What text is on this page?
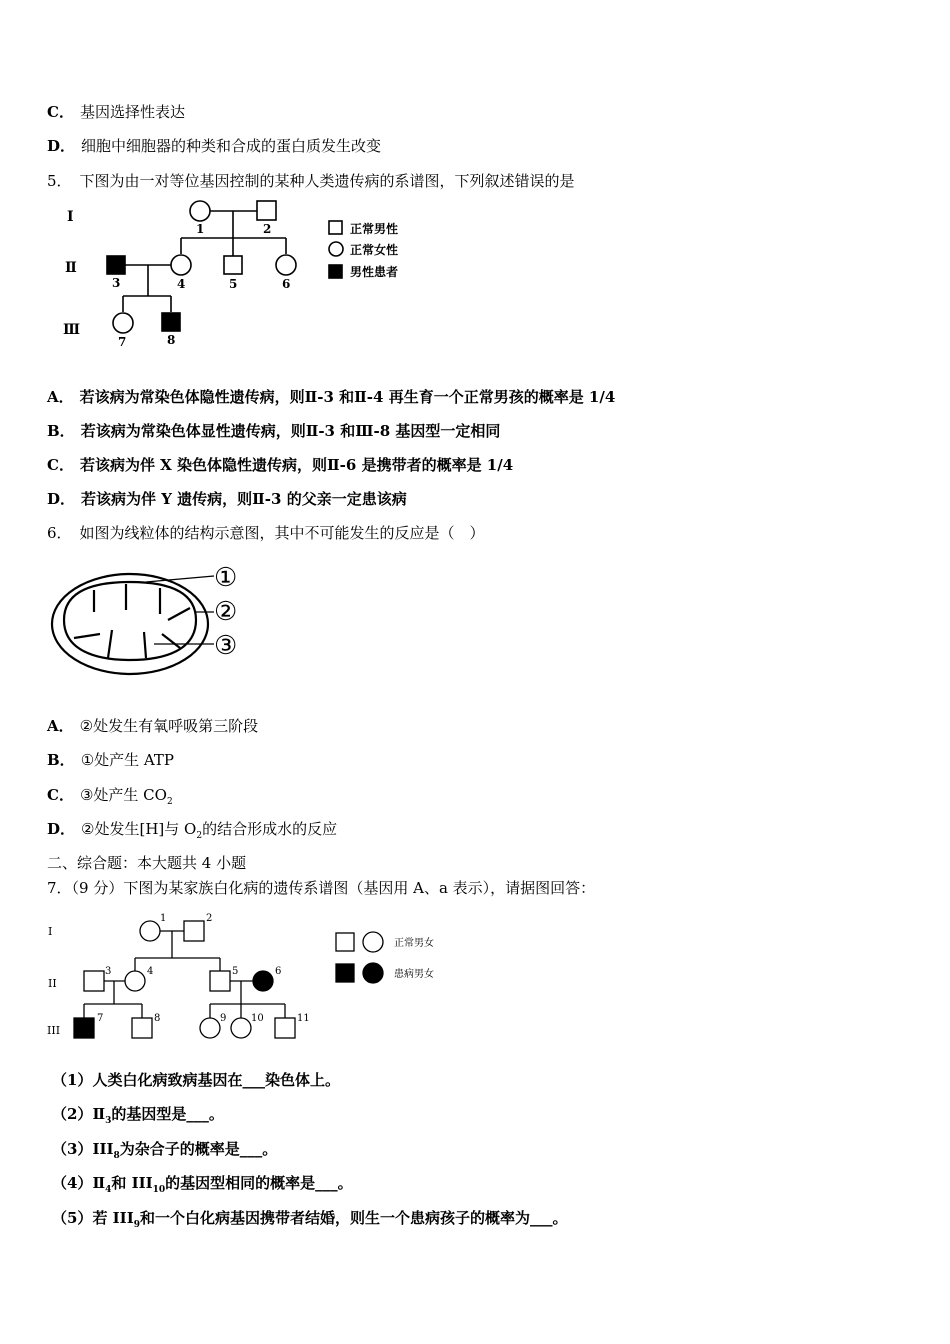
C． 基因选择性表达
D． 细胞中细胞器的种类和合成的蛋白质发生改变
5． 下图为由一对等位基因控制的某种人类遗传病的系谱图，下列叙述错误的是
Ⅰ
Ⅱ
Ⅲ
1	2
3	4	5	6
7	8
正常男性
正常女性
男性患者
A． 若该病为常染色体隐性遗传病，则Ⅱ-3 和Ⅱ-4 再生育一个正常男孩的概率是 1/4
B． 若该病为常染色体显性遗传病，则Ⅱ-3 和Ⅲ-8 基因型一定相同
C． 若该病为伴 X 染色体隐性遗传病，则Ⅱ-6 是携带者的概率是 1/4
D． 若该病为伴 Y 遗传病，则Ⅱ-3 的父亲一定患该病
6． 如图为线粒体的结构示意图，其中不可能发生的反应是（　）
①
②
③
A． ②处发生有氧呼吸第三阶段
B． ①处产生 ATP
C． ③处产生 $CO_2$
D． ②处发生[H]与 $O_2$的结合形成水的反应
二、综合题：本大题共 4 小题
7．（9 分）下图为某家族白化病的遗传系谱图（基因用 A、a 表示），请据图回答：
I
II
III
1	2
3	4	5	6
7	8	9 10	11
正常男女
患病男女
（1）人类白化病致病基因在___染色体上。
$(2)Ⅱ_3$的基因型是___。
$(3)III_8$为杂合子的概率是___。
$(4)Ⅱ_4$和 $III_{10}$的基因型相同的概率是___。
（5）若 $III_9$和一个白化病基因携带者结婚，则生一个患病孩子的概率为___。
